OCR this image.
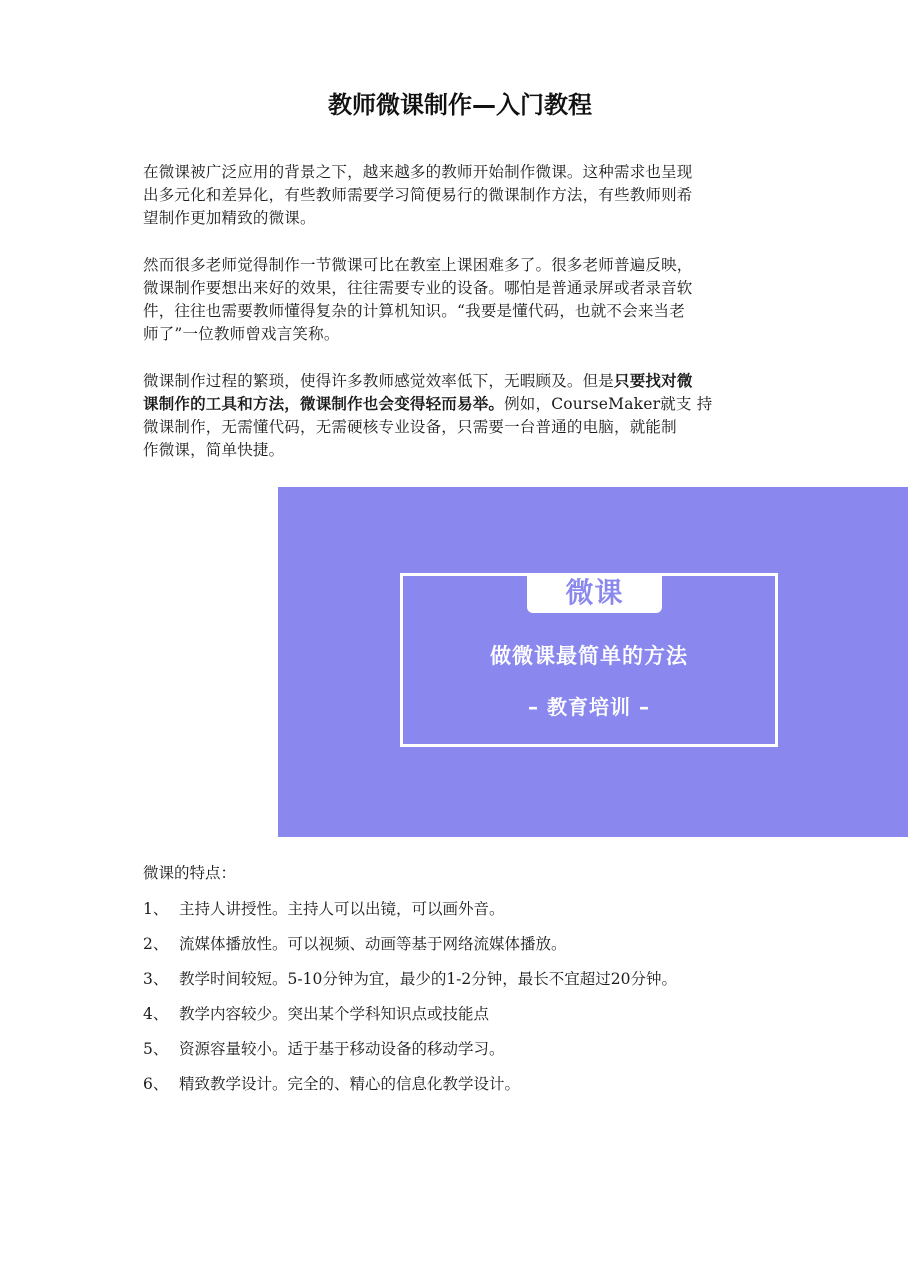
教师微课制作—入门教程

在微课被广泛应用的背景之下，越来越多的教师开始制作微课。这种需求也呈现
出多元化和差异化，有些教师需要学习简便易行的微课制作方法，有些教师则希
望制作更加精致的微课。

然而很多老师觉得制作一节微课可比在教室上课困难多了。很多老师普遍反映，
微课制作要想出来好的效果，往往需要专业的设备。哪怕是普通录屏或者录音软
件，往往也需要教师懂得复杂的计算机知识。“我要是懂代码，也就不会来当老
师了”一位教师曾戏言笑称。

微课制作过程的繁琐，使得许多教师感觉效率低下，无暇顾及。但是只要找对微
课制作的工具和方法，微课制作也会变得轻而易举。例如，CourseMaker就支 持
微课制作，无需懂代码，无需硬核专业设备，只需要一台普通的电脑，就能制
作微课，简单快捷。

微课
做微课最简单的方法
– 教育培训 –
微课的特点：
1、 主持人讲授性。主持人可以出镜，可以画外音。
2、 流媒体播放性。可以视频、动画等基于网络流媒体播放。
3、 教学时间较短。5-10分钟为宜，最少的1-2分钟，最长不宜超过20分钟。
4、 教学内容较少。突出某个学科知识点或技能点
5、 资源容量较小。适于基于移动设备的移动学习。
6、 精致教学设计。完全的、精心的信息化教学设计。
